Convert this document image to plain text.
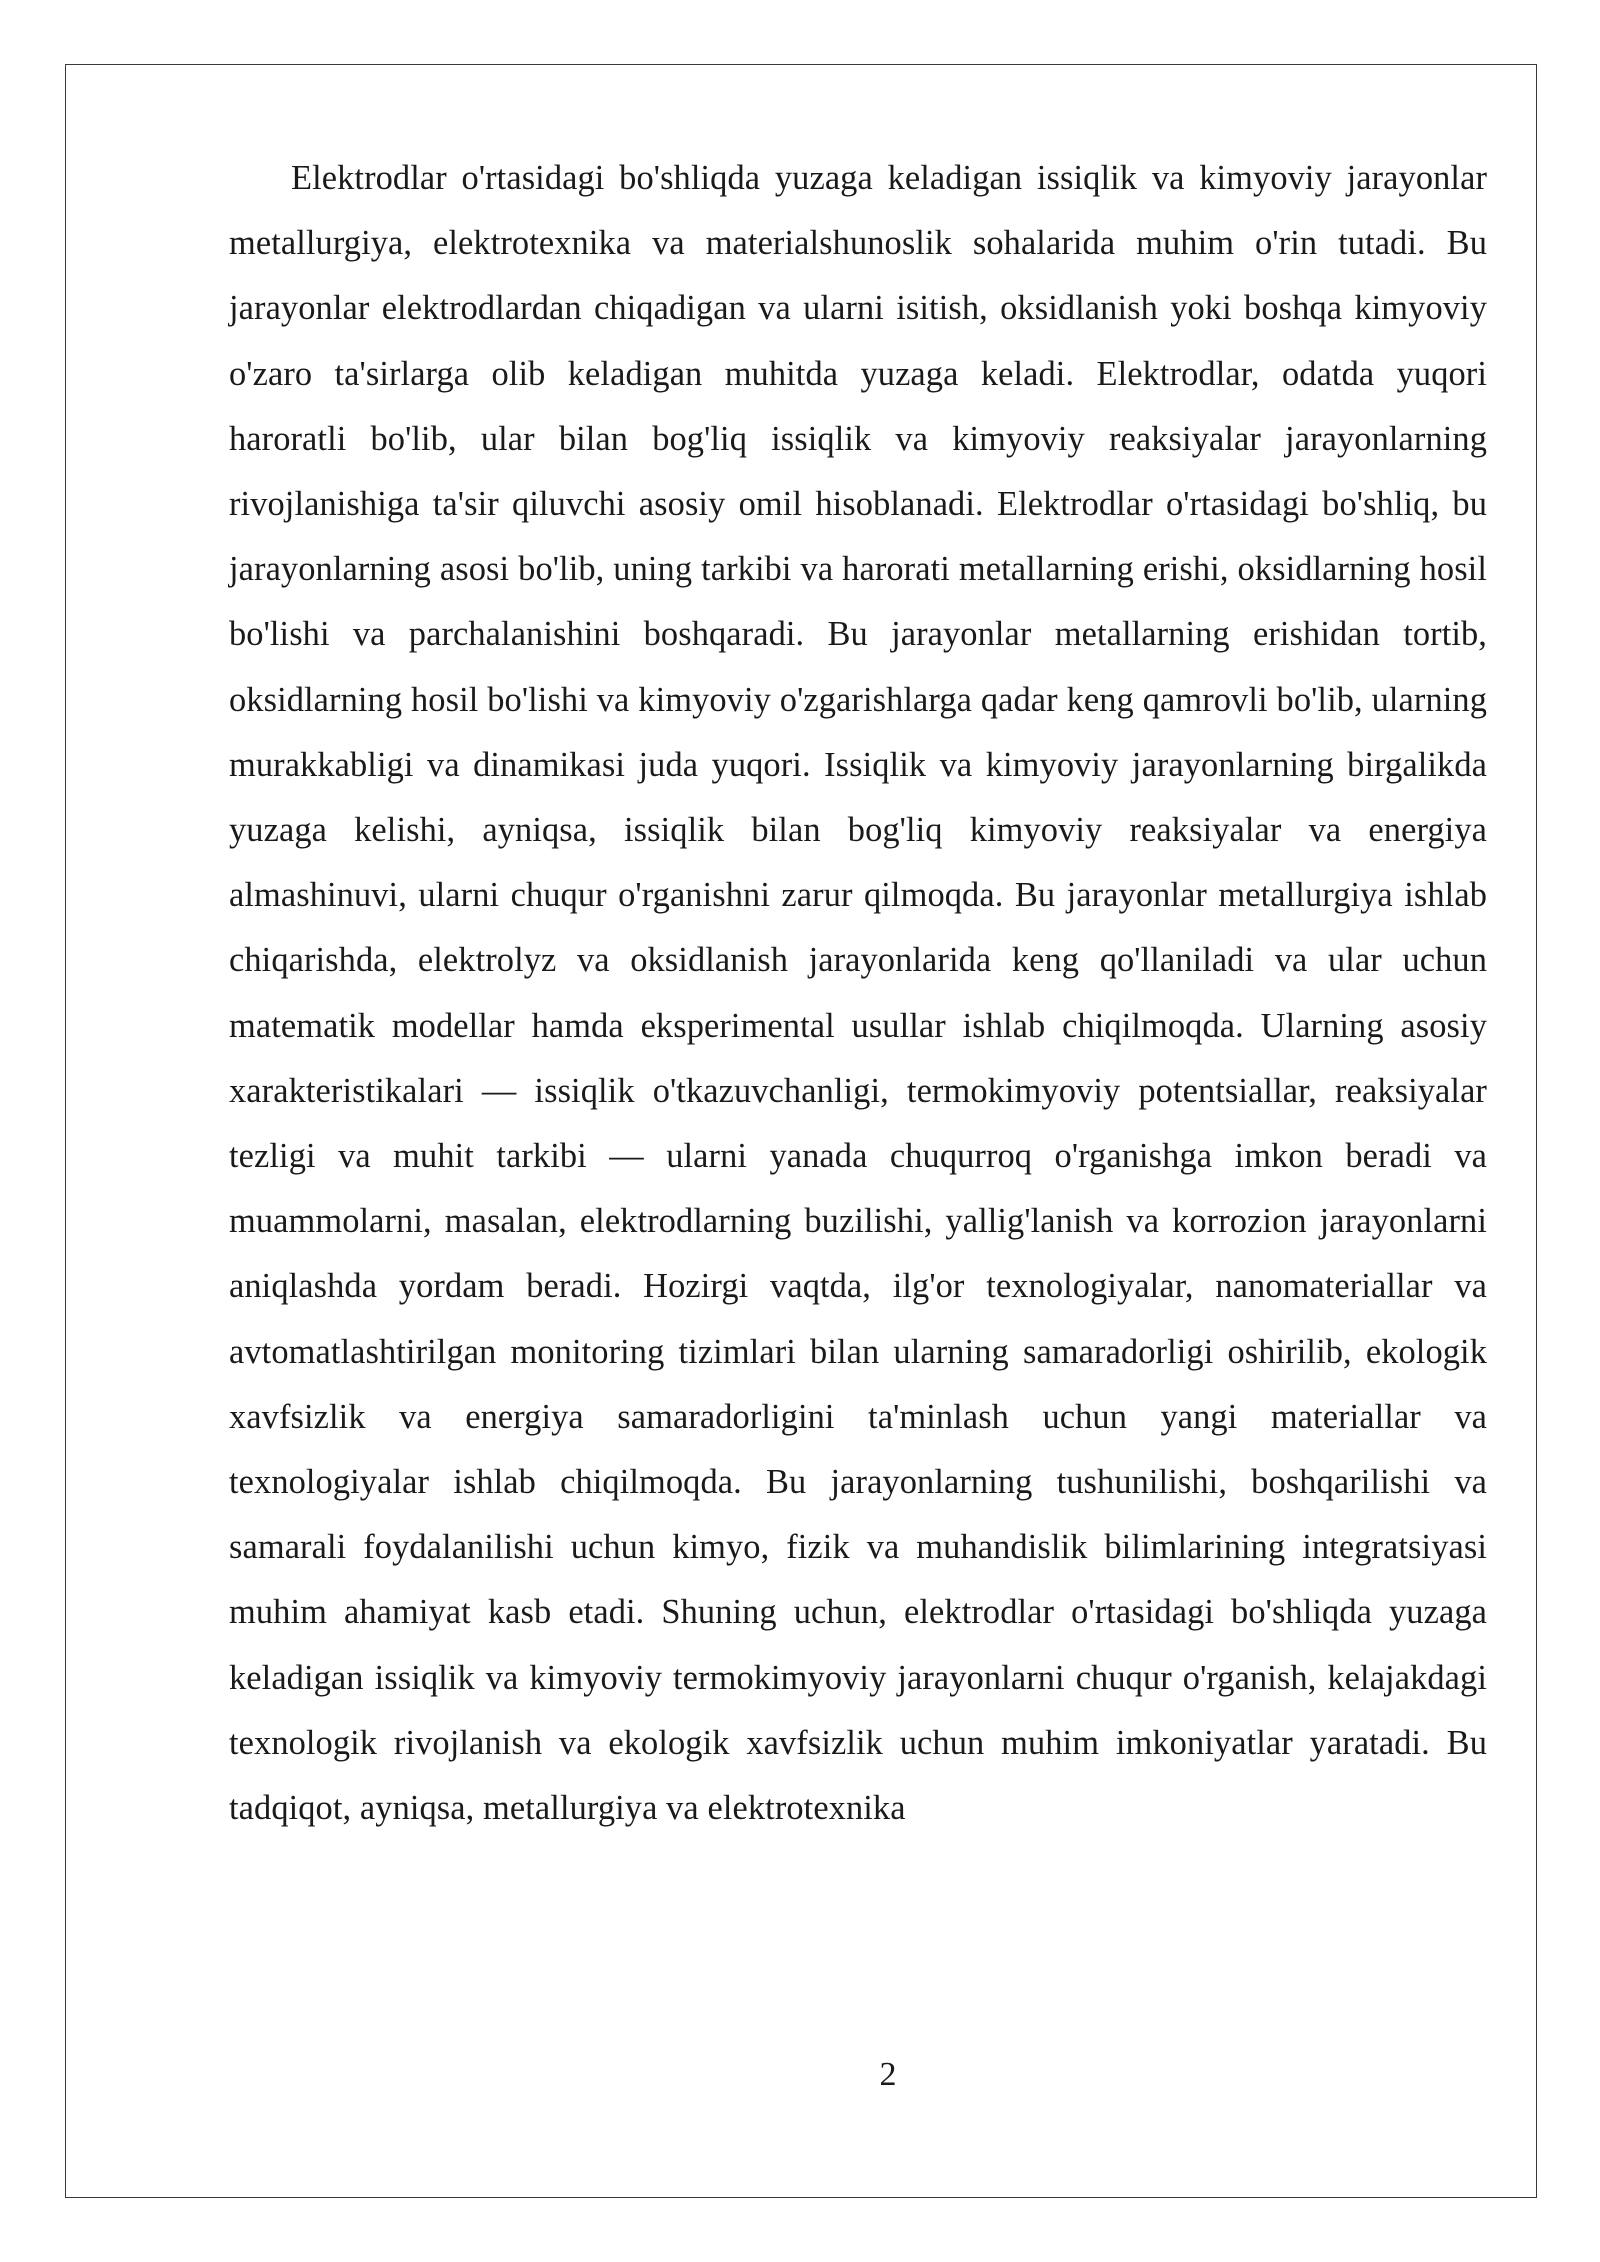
Elektrodlar o'rtasidagi bo'shliqda yuzaga keladigan issiqlik va kimyoviy jarayonlar metallurgiya, elektrotexnika va materialshunoslik sohalarida muhim o'rin tutadi. Bu jarayonlar elektrodlardan chiqadigan va ularni isitish, oksidlanish yoki boshqa kimyoviy o'zaro ta'sirlarga olib keladigan muhitda yuzaga keladi. Elektrodlar, odatda yuqori haroratli bo'lib, ular bilan bog'liq issiqlik va kimyoviy reaksiyalar jarayonlarning rivojlanishiga ta'sir qiluvchi asosiy omil hisoblanadi. Elektrodlar o'rtasidagi bo'shliq, bu jarayonlarning asosi bo'lib, uning tarkibi va harorati metallarning erishi, oksidlarning hosil bo'lishi va parchalanishini boshqaradi. Bu jarayonlar metallarning erishidan tortib, oksidlarning hosil bo'lishi va kimyoviy o'zgarishlarga qadar keng qamrovli bo'lib, ularning murakkabligi va dinamikasi juda yuqori. Issiqlik va kimyoviy jarayonlarning birgalikda yuzaga kelishi, ayniqsa, issiqlik bilan bog'liq kimyoviy reaksiyalar va energiya almashinuvi, ularni chuqur o'rganishni zarur qilmoqda. Bu jarayonlar metallurgiya ishlab chiqarishda, elektrolyz va oksidlanish jarayonlarida keng qo'llaniladi va ular uchun matematik modellar hamda eksperimental usullar ishlab chiqilmoqda. Ularning asosiy xarakteristikalari — issiqlik o'tkazuvchanligi, termokimyoviy potentsiallar, reaksiyalar tezligi va muhit tarkibi — ularni yanada chuqurroq o'rganishga imkon beradi va muammolarni, masalan, elektrodlarning buzilishi, yallig'lanish va korrozion jarayonlarni aniqlashda yordam beradi. Hozirgi vaqtda, ilg'or texnologiyalar, nanomateriallar va avtomatlashtirilgan monitoring tizimlari bilan ularning samaradorligi oshirilib, ekologik xavfsizlik va energiya samaradorligini ta'minlash uchun yangi materiallar va texnologiyalar ishlab chiqilmoqda. Bu jarayonlarning tushunilishi, boshqarilishi va samarali foydalanilishi uchun kimyo, fizik va muhandislik bilimlarining integratsiyasi muhim ahamiyat kasb etadi. Shuning uchun, elektrodlar o'rtasidagi bo'shliqda yuzaga keladigan issiqlik va kimyoviy termokimyoviy jarayonlarni chuqur o'rganish, kelajakdagi texnologik rivojlanish va ekologik xavfsizlik uchun muhim imkoniyatlar yaratadi. Bu tadqiqot, ayniqsa, metallurgiya va elektrotexnika

2
